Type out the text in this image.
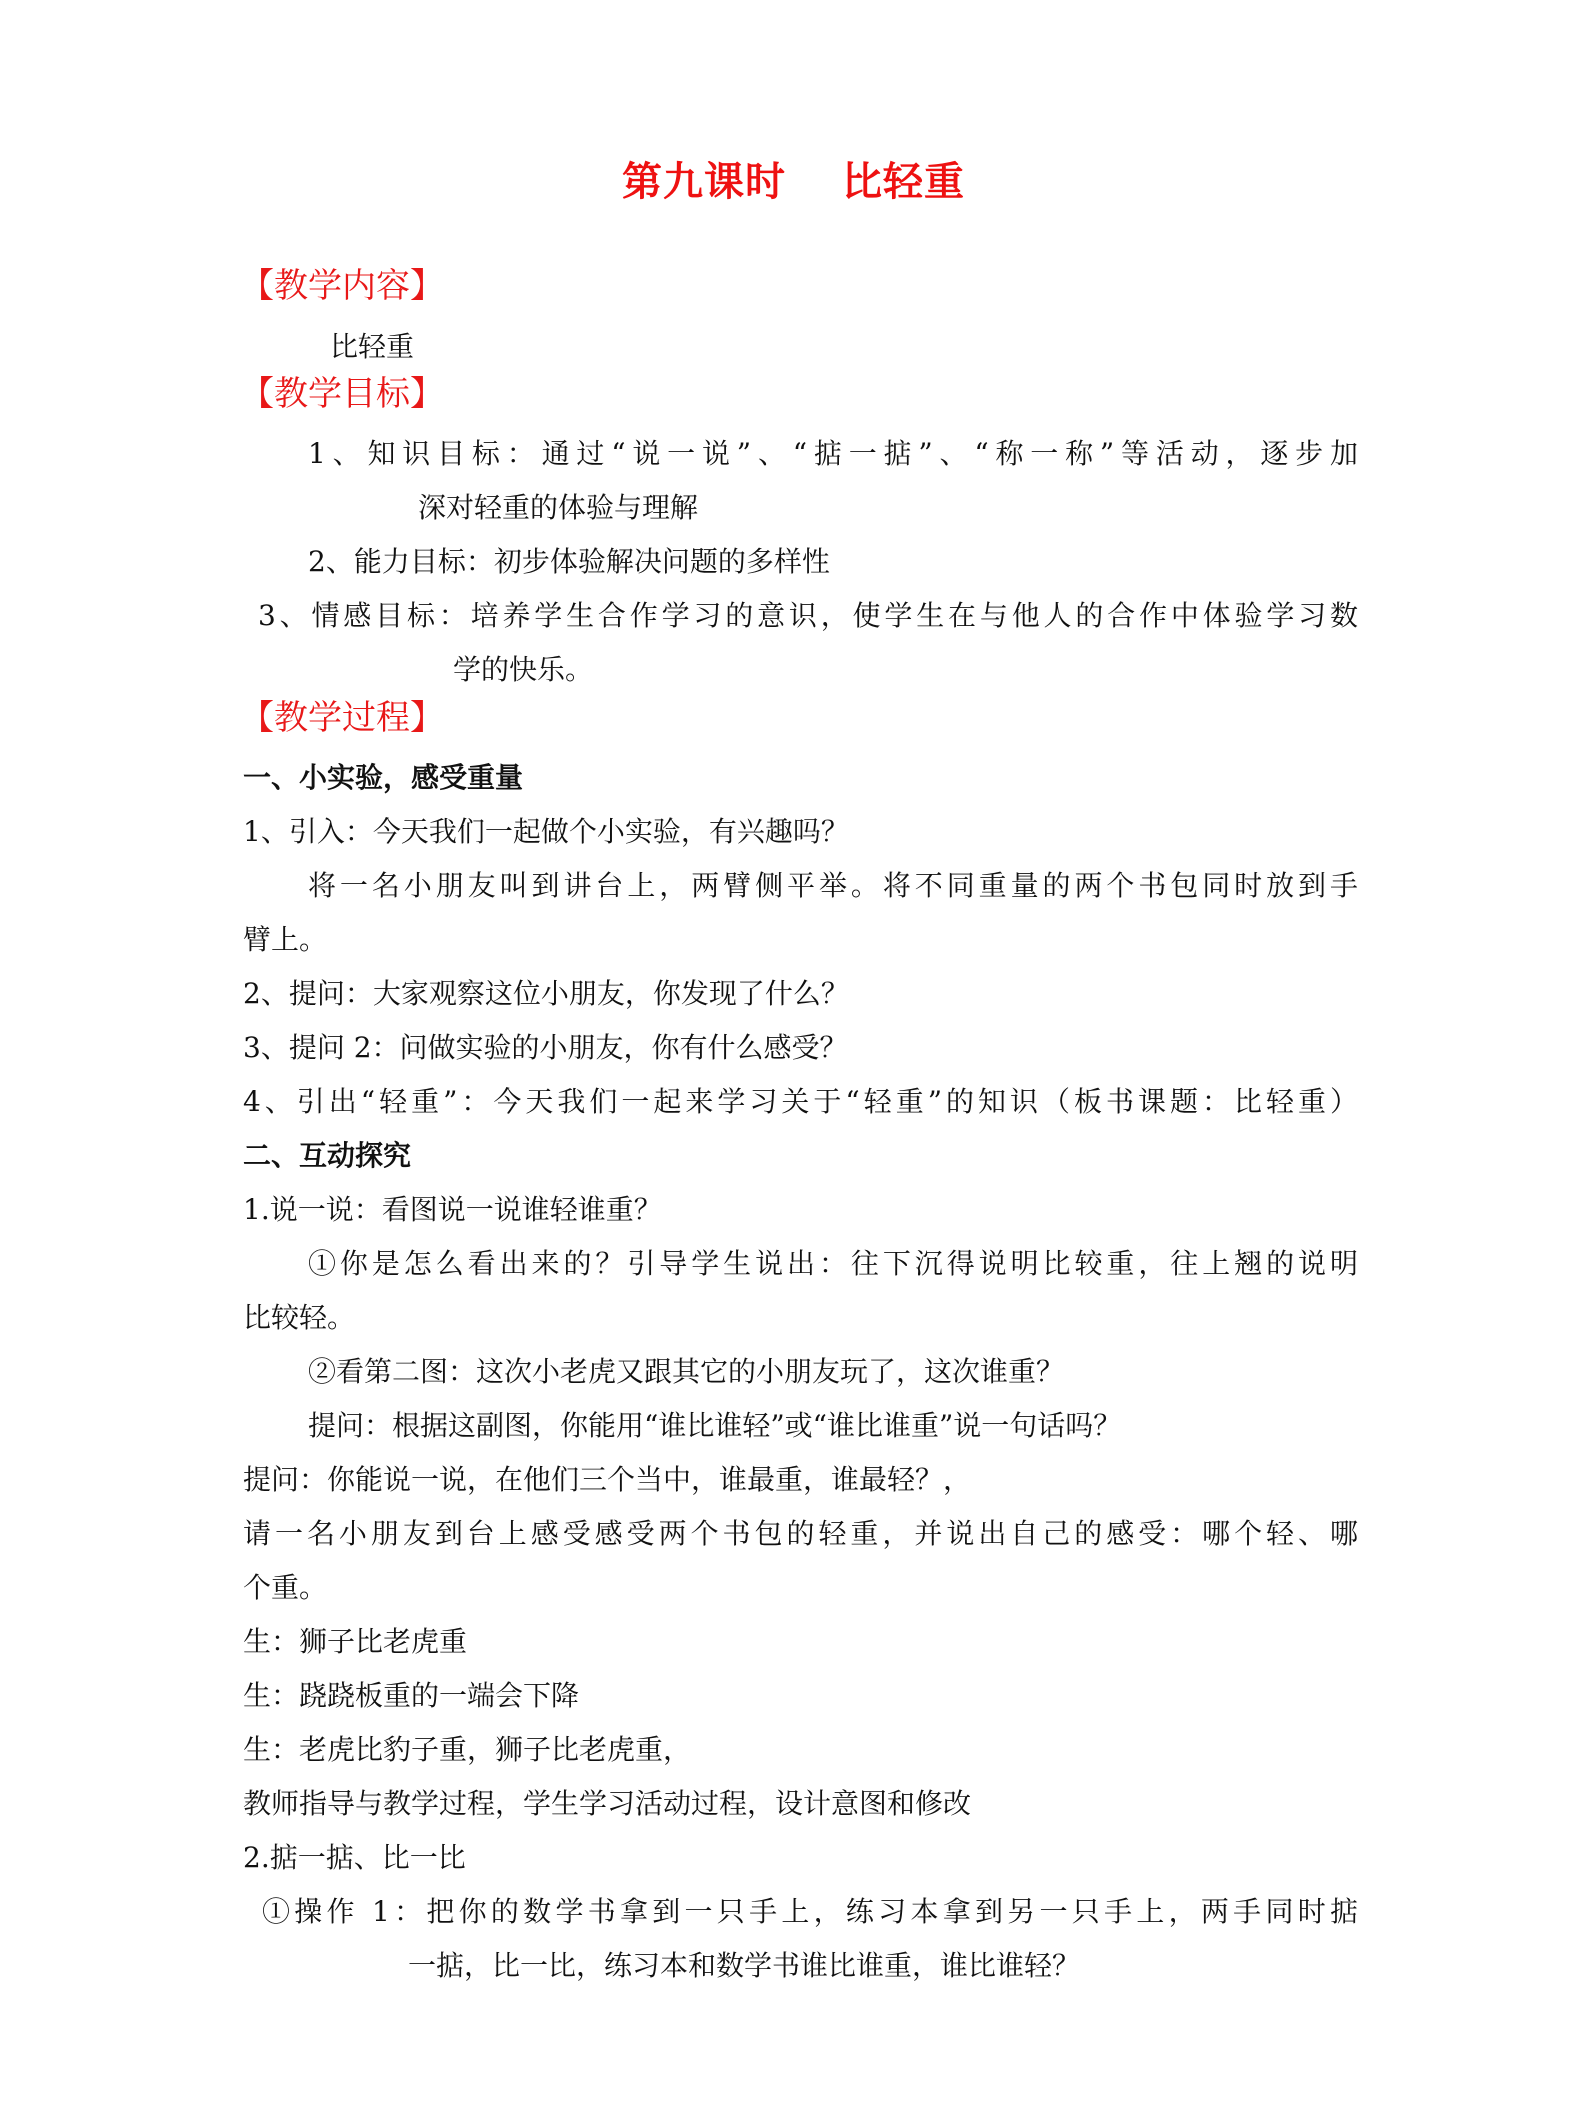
第九课时　 比轻重
【教学内容】
比轻重
【教学目标】
1、知识目标：通过“说一说”、“掂一掂”、“称一称”等活动，逐步加
深对轻重的体验与理解
2、能力目标：初步体验解决问题的多样性
3、情感目标：培养学生合作学习的意识，使学生在与他人的合作中体验学习数
学的快乐。
【教学过程】
一、小实验，感受重量
1、引入：今天我们一起做个小实验，有兴趣吗？
将一名小朋友叫到讲台上，两臂侧平举。将不同重量的两个书包同时放到手
臂上。
2、提问：大家观察这位小朋友，你发现了什么？
3、提问 2：问做实验的小朋友，你有什么感受？
4、引出“轻重”：今天我们一起来学习关于“轻重”的知识（板书课题：比轻重）
二、互动探究
1.说一说：看图说一说谁轻谁重？
①你是怎么看出来的？引导学生说出：往下沉得说明比较重，往上翘的说明
比较轻。
②看第二图：这次小老虎又跟其它的小朋友玩了，这次谁重？
提问：根据这副图，你能用“谁比谁轻”或“谁比谁重”说一句话吗？
提问：你能说一说，在他们三个当中，谁最重，谁最轻？，
请一名小朋友到台上感受感受两个书包的轻重，并说出自己的感受：哪个轻、哪
个重。
生：狮子比老虎重
生：跷跷板重的一端会下降
生：老虎比豹子重，狮子比老虎重，
教师指导与教学过程，学生学习活动过程，设计意图和修改
2.掂一掂、比一比
①操作 1：把你的数学书拿到一只手上，练习本拿到另一只手上，两手同时掂
一掂，比一比，练习本和数学书谁比谁重，谁比谁轻？
